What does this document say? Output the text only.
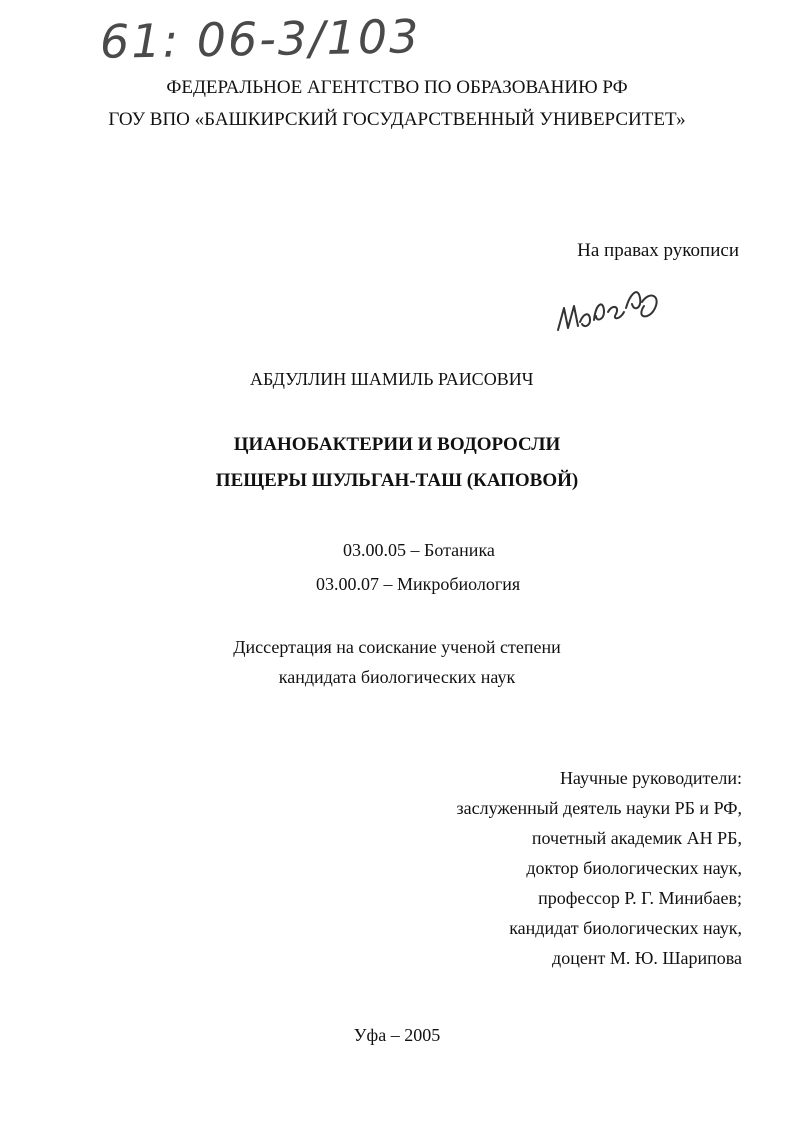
61: 06-3/103
ФЕДЕРАЛЬНОЕ АГЕНТСТВО ПО ОБРАЗОВАНИЮ РФ
ГОУ ВПО «БАШКИРСКИЙ ГОСУДАРСТВЕННЫЙ УНИВЕРСИТЕТ»
На правах рукописи
АБДУЛЛИН ШАМИЛЬ РАИСОВИЧ
ЦИАНОБАКТЕРИИ И ВОДОРОСЛИ
ПЕЩЕРЫ ШУЛЬГАН-ТАШ (КАПОВОЙ)
03.00.05 – Ботаника
03.00.07 – Микробиология
Диссертация на соискание ученой степени
кандидата биологических наук
Научные руководители:
заслуженный деятель науки РБ и РФ,
почетный академик АН РБ,
доктор биологических наук,
профессор Р. Г. Минибаев;
кандидат биологических наук,
доцент М. Ю. Шарипова
Уфа – 2005
